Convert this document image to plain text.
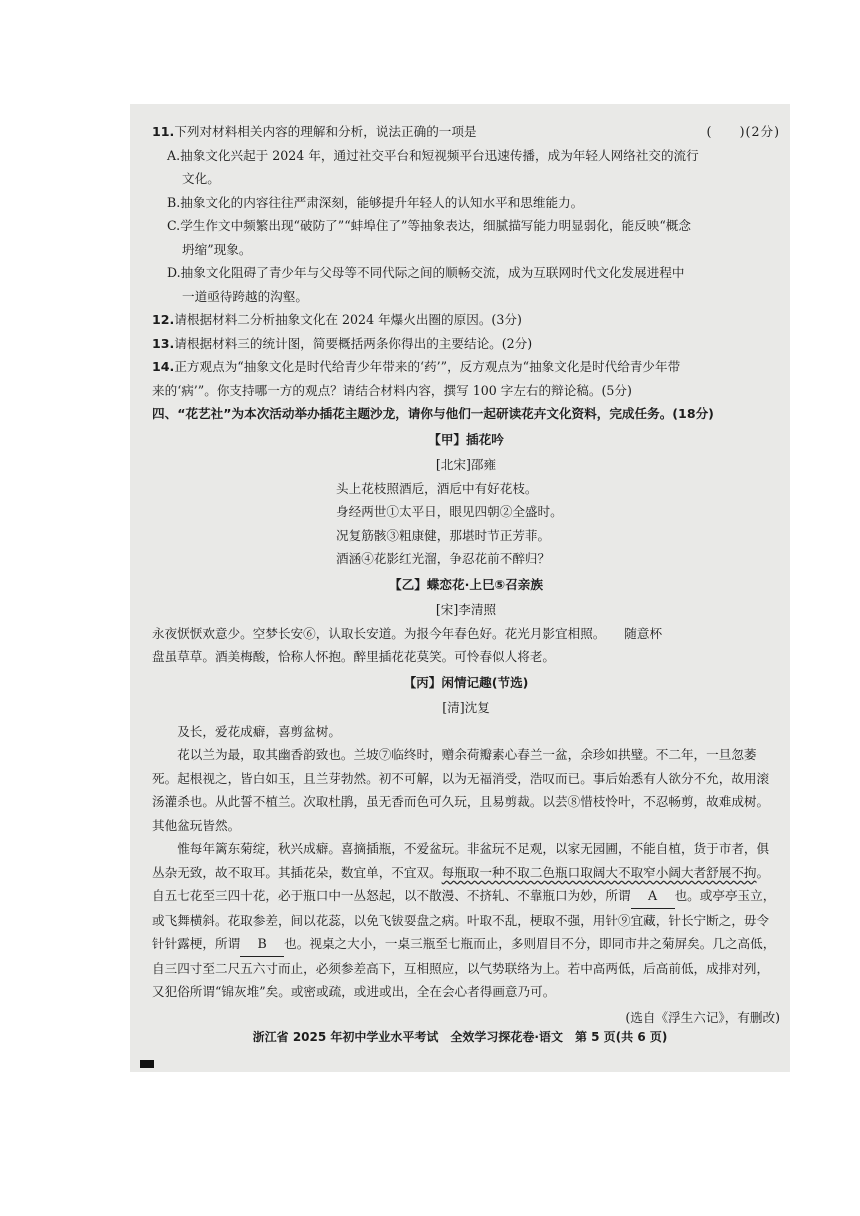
11.下列对材料相关内容的理解和分析，说法正确的一项是	(　　)(2分)

A.抽象文化兴起于 2024 年，通过社交平台和短视频平台迅速传播，成为年轻人网络社交的流行
文化。

B.抽象文化的内容往往严肃深刻，能够提升年轻人的认知水平和思维能力。

C.学生作文中频繁出现“破防了”“蚌埠住了”等抽象表达，细腻描写能力明显弱化，能反映“概念
坍缩”现象。

D.抽象文化阻碍了青少年与父母等不同代际之间的顺畅交流，成为互联网时代文化发展进程中
一道亟待跨越的沟壑。

12.请根据材料二分析抽象文化在 2024 年爆火出圈的原因。(3分)

13.请根据材料三的统计图，简要概括两条你得出的主要结论。(2分)

14.正方观点为“抽象文化是时代给青少年带来的‘药’”，反方观点为“抽象文化是时代给青少年带
来的‘病’”。你支持哪一方的观点？请结合材料内容，撰写 100 字左右的辩论稿。(5分)

四、“花艺社”为本次活动举办插花主题沙龙，请你与他们一起研读花卉文化资料，完成任务。(18分)

【甲】插花吟

[北宋]邵雍

头上花枝照酒卮，酒卮中有好花枝。

身经两世①太平日，眼见四朝②全盛时。

况复筋骸③粗康健，那堪时节正芳菲。

酒涵④花影红光溜，争忍花前不醉归？

【乙】蝶恋花·上巳⑤召亲族

[宋]李清照

永夜恹恹欢意少。空梦长安⑥，认取长安道。为报今年春色好。花光月影宜相照。　　随意杯

盘虽草草。酒美梅酸，恰称人怀抱。醉里插花花莫笑。可怜春似人将老。

【丙】闲情记趣(节选)

[清]沈复

及长，爱花成癖，喜剪盆树。

花以兰为最，取其幽香韵致也。兰坡⑦临终时，赠余荷瓣素心春兰一盆，余珍如拱璧。不二年，一旦忽萎死。起根视之，皆白如玉，且兰芽勃然。初不可解，以为无福消受，浩叹而已。事后始悉有人欲分不允，故用滚汤灌杀也。从此誓不植兰。次取杜鹃，虽无香而色可久玩，且易剪裁。以芸⑧惜枝怜叶，不忍畅剪，故难成树。其他盆玩皆然。

惟每年篱东菊绽，秋兴成癖。喜摘插瓶，不爱盆玩。非盆玩不足观，以家无园圃，不能自植，货于市者，俱丛杂无致，故不取耳。其插花朵，数宜单，不宜双。每瓶取一种不取二色瓶口取阔大不取窄小阔大者舒展不拘。自五七花至三四十花，必于瓶口中一丛怒起，以不散漫、不挤轧、不靠瓶口为妙，所谓 A 也。或亭亭玉立，或飞舞横斜。花取参差，间以花蕊，以免飞钹耍盘之病。叶取不乱，梗取不强，用针⑨宜藏，针长宁断之，毋令针针露梗，所谓 B 也。视桌之大小，一桌三瓶至七瓶而止，多则眉目不分，即同市井之菊屏矣。几之高低，自三四寸至二尺五六寸而止，必须参差高下，互相照应，以气势联络为上。若中高两低，后高前低，成排对列，又犯俗所谓“锦灰堆”矣。或密或疏，或进或出，全在会心者得画意乃可。

(选自《浮生六记》，有删改)

浙江省 2025 年初中学业水平考试　全效学习探花卷·语文　第 5 页(共 6 页)
